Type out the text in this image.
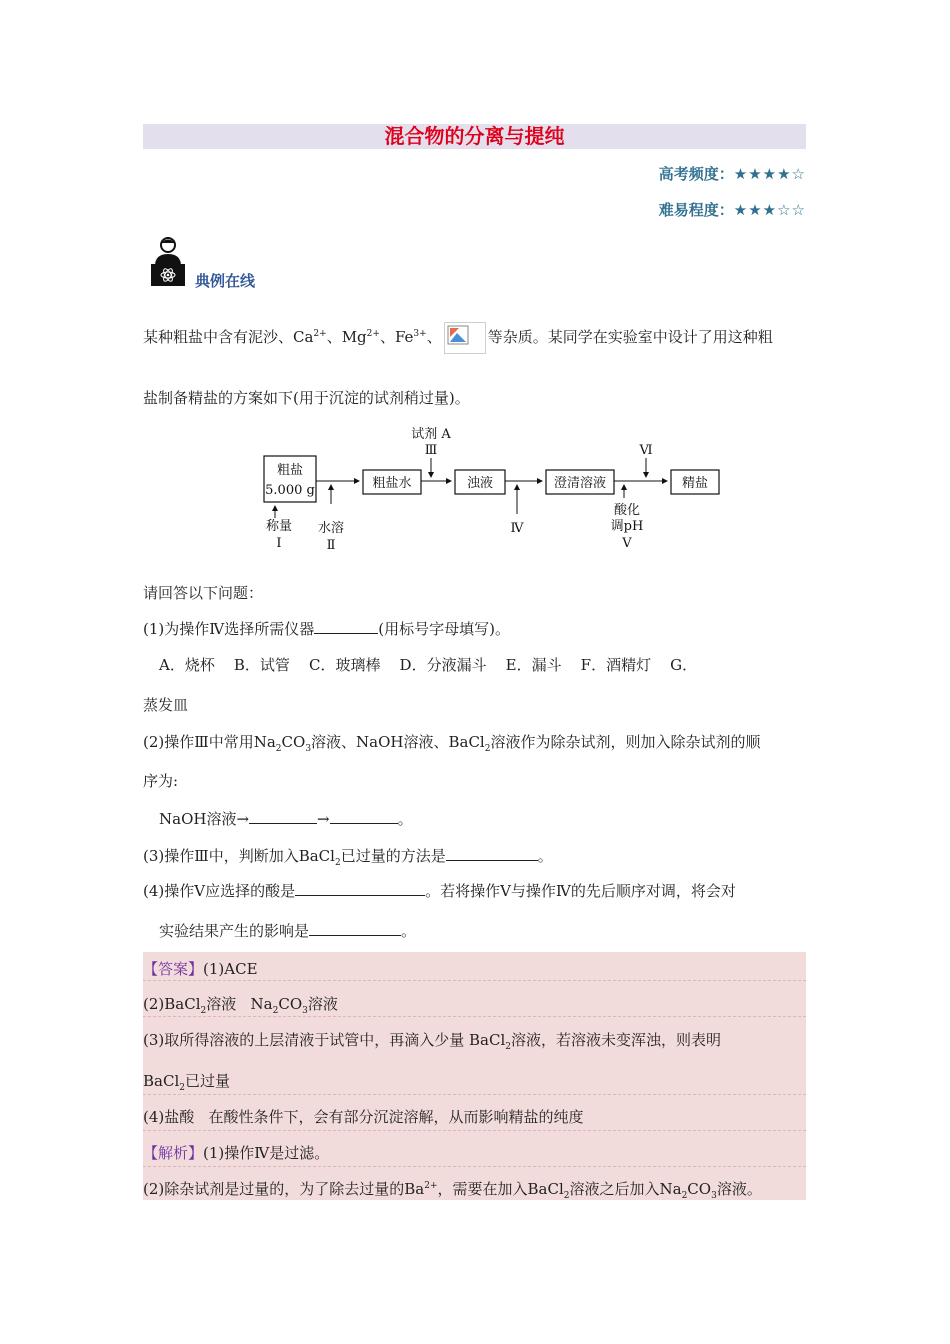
混合物的分离与提纯
高考频度：★★★★☆
难易程度：★★★☆☆
典例在线
某种粗盐中含有泥沙、$Ca^{2+}$、$Mg^{2+}$、$Fe^{3+}$、	等杂质。某同学在实验室中设计了用这种粗
盐制备精盐的方案如下(用于沉淀的试剂稍过量)。
粗盐
5.000 g
称量
I
水溶
Ⅱ
粗盐水
试剂 A
Ⅲ
浊液
Ⅳ
澄清溶液
酸化
调pH
V
Ⅵ
精盐
请回答以下问题：
(1)为操作Ⅳ选择所需仪器	(用标号字母填写)。
A．烧杯    B．试管    C．玻璃棒    D．分液漏斗    E．漏斗    F．酒精灯    G．
蒸发皿
(2)操作Ⅲ中常用$Na_2CO_3$溶液、NaOH溶液、BaCl$_2$溶液作为除杂试剂，则加入除杂试剂的顺
序为:
NaOH溶液→	→	。
(3)操作Ⅲ中，判断加入BaCl$_2$已过量的方法是	。
(4)操作Ⅴ应选择的酸是	。若将操作Ⅴ与操作Ⅳ的先后顺序对调，将会对
实验结果产生的影响是	。
【答案】(1)ACE
(2)BaCl$_2$溶液   $Na_2CO_3$溶液
(3)取所得溶液的上层清液于试管中，再滴入少量 BaCl$_2$溶液，若溶液未变浑浊，则表明
BaCl$_2$已过量
(4)盐酸   在酸性条件下，会有部分沉淀溶解，从而影响精盐的纯度
【解析】(1)操作Ⅳ是过滤。
(2)除杂试剂是过量的，为了除去过量的$Ba^{2+}$，需要在加入BaCl$_2$溶液之后加入$Na_2CO_3$溶液。
